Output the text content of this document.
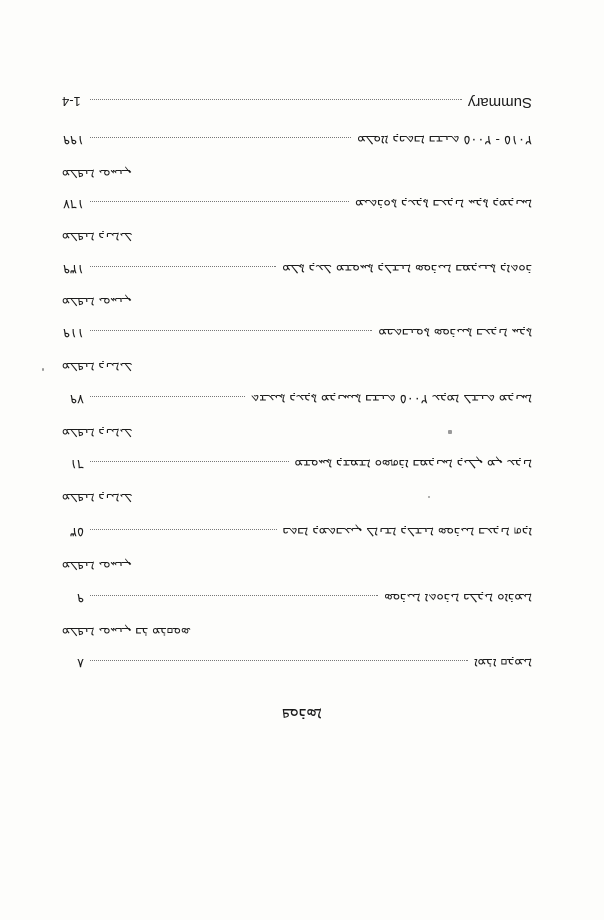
ܦܘܪܣܐ
ܐܡܪܐ ܩܕܡܝܐ
٨
ܣܘܪܝܝܐ ܐܬܘܪܝܐ ܟܠܕܝܐ ܘܐܪܡܝܐ
٩
ܡܠܦܢܐ ܝܘܚܢܢ ܒܪ ܡܪܩܘܣ
ܟܬܒܐ ܕܡܬܒܥܝܢ ܠܐܢܫܐ ܕܠܫܢܐ ܣܘܪܝܝܐ ܒܥܕܢܐ ܗܕܐ
٥٣
ܡܠܦܢܐ ܝܘܚܢܢ
ܡܫܘܚܬܐ ܕܫܡܫܐ ܘܣܗܪܐ ܒܡܕܢܚܐ ܕܝܠܢ ܡܢ ܥܕܢܐ
٦١
ܡܠܦܢܐ ܕܢܝܐܝܠ
ܬܫܥܝܬܐ ܕܥܕܬܐ ܡܕܢܚܝܬܐ ܒܫܢܬ ٢٠٠٥ ܥܕܡܐ ܠܫܢܬ ܡܕܢܚܐ
٧٩
ܡܠܦܢܐ ܕܢܝܐܝܠ
ܡܟܬܒܢܘܬܐ ܣܘܪܝܝܬܐ ܒܥܕܢܐ ܚܕܬܐ
١١٩
ܡܠܦܢܐ ܕܢܝܐܝܠ
ܡܠܬܐ ܕܥܠ ܡܫܘܚܬܐ ܕܠܫܢܐ ܣܘܪܝܝܐ ܒܡܕܝܢܬܐ ܕܐܬܘܪ
١٣٩
ܡܠܦܢܐ ܝܘܚܢܢ
ܡܝܬܪܘܬܐ ܕܥܕܬܐ ܒܥܕܢܐ ܚܕܬܐ ܕܡܕܢܚܐ
١٦٧
ܡܠܦܢܐ ܕܢܝܐܝܠ
ܡܠܘܐܐ ܕܟܬܒܐ ܒܫܢܬ ٢٠٠٥ - ٢٠١٥
١٩٩
ܡܠܦܢܐ ܝܘܚܢܢ
Summary
1-4
